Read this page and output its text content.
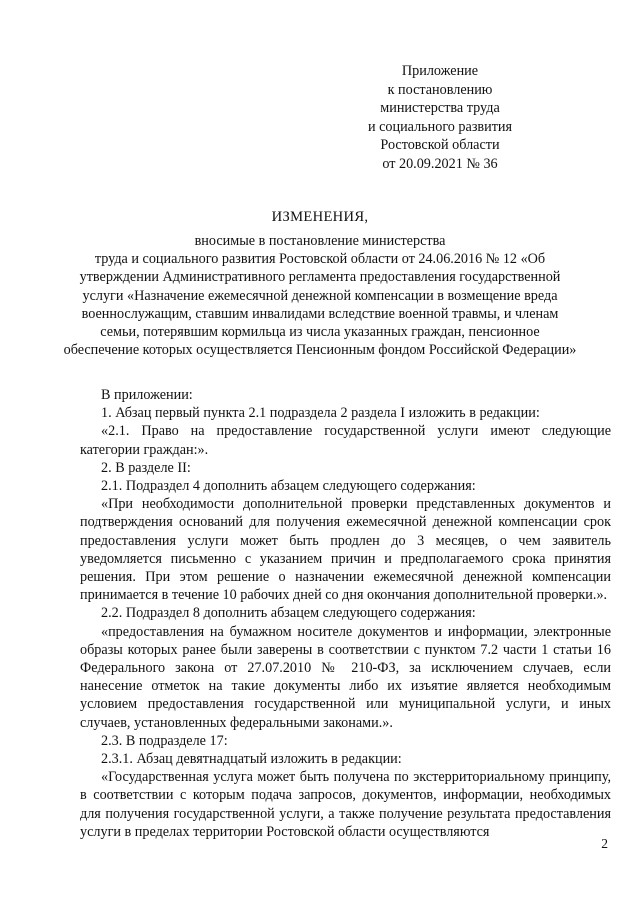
Приложение
к постановлению
министерства труда
и социального развития
Ростовской области
от 20.09.2021 № 36
ИЗМЕНЕНИЯ,
вносимые в постановление министерства
труда и социального развития Ростовской области от 24.06.2016 № 12 «Об
утверждении Административного регламента предоставления государственной
услуги «Назначение ежемесячной денежной компенсации в возмещение вреда
военнослужащим, ставшим инвалидами вследствие военной травмы, и членам
семьи, потерявшим кормильца из числа указанных граждан, пенсионное
обеспечение которых осуществляется Пенсионным фондом Российской Федерации»

В приложении:

1. Абзац первый пункта 2.1 подраздела 2 раздела I изложить в редакции:

«2.1. Право на предоставление государственной услуги имеют следующие категории граждан:».

2. В разделе II:

2.1. Подраздел 4 дополнить абзацем следующего содержания:

«При необходимости дополнительной проверки представленных документов и подтверждения оснований для получения ежемесячной денежной компенсации срок предоставления услуги может быть продлен до 3 месяцев, о чем заявитель уведомляется письменно с указанием причин и предполагаемого срока принятия решения. При этом решение о назначении ежемесячной денежной компенсации принимается в течение 10 рабочих дней со дня окончания дополнительной проверки.».

2.2. Подраздел 8 дополнить абзацем следующего содержания:

«предоставления на бумажном носителе документов и информации, электронные образы которых ранее были заверены в соответствии с пунктом 7.2 части 1 статьи 16 Федерального закона от 27.07.2010 № 210-ФЗ, за исключением случаев, если нанесение отметок на такие документы либо их изъятие является необходимым условием предоставления государственной или муниципальной услуги, и иных случаев, установленных федеральными законами.».

2.3. В подразделе 17:

2.3.1. Абзац девятнадцатый изложить в редакции:

«Государственная услуга может быть получена по экстерриториальному принципу, в соответствии с которым подача запросов, документов, информации, необходимых для получения государственной услуги, а также получение результата предоставления услуги в пределах территории Ростовской области осуществляются

2
